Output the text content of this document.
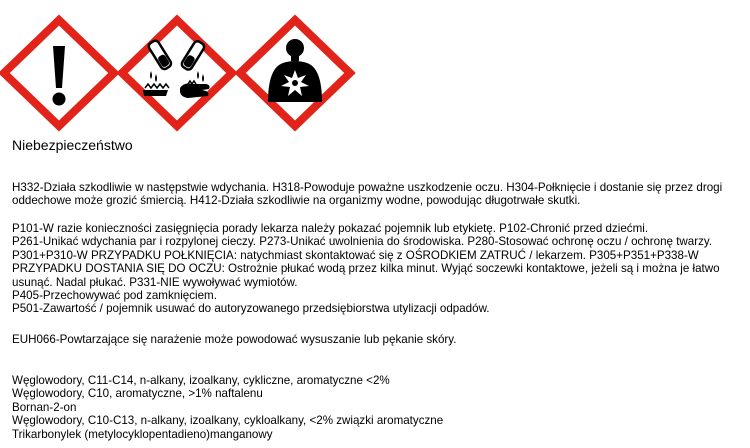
Niebezpieczeństwo
H332-Działa szkodliwie w następstwie wdychania. H318-Powoduje poważne uszkodzenie oczu. H304-Połknięcie i dostanie się przez drogi
oddechowe może grozić śmiercią. H412-Działa szkodliwie na organizmy wodne, powodując długotrwałe skutki.
P101-W razie konieczności zasięgnięcia porady lekarza należy pokazać pojemnik lub etykietę. P102-Chronić przed dziećmi.
P261-Unikać wdychania par i rozpylonej cieczy. P273-Unikać uwolnienia do środowiska. P280-Stosować ochronę oczu / ochronę twarzy.
P301+P310-W PRZYPADKU POŁKNIĘCIA: natychmiast skontaktować się z OŚRODKIEM ZATRUĆ / lekarzem. P305+P351+P338-W
PRZYPADKU DOSTANIA SIĘ DO OCZU: Ostrożnie płukać wodą przez kilka minut. Wyjąć soczewki kontaktowe, jeżeli są i można je łatwo
usunąć. Nadal płukać. P331-NIE wywoływać wymiotów.
P405-Przechowywać pod zamknięciem.
P501-Zawartość / pojemnik usuwać do autoryzowanego przedsiębiorstwa utylizacji odpadów.
EUH066-Powtarzające się narażenie może powodować wysuszanie lub pękanie skóry.
Węglowodory, C11-C14, n-alkany, izoalkany, cykliczne, aromatyczne <2%
Węglowodory, C10, aromatyczne, >1% naftalenu
Bornan-2-on
Węglowodory, C10-C13, n-alkany, izoalkany, cykloalkany, <2% związki aromatyczne
Trikarbonylek (metylocyklopentadieno)manganowy
